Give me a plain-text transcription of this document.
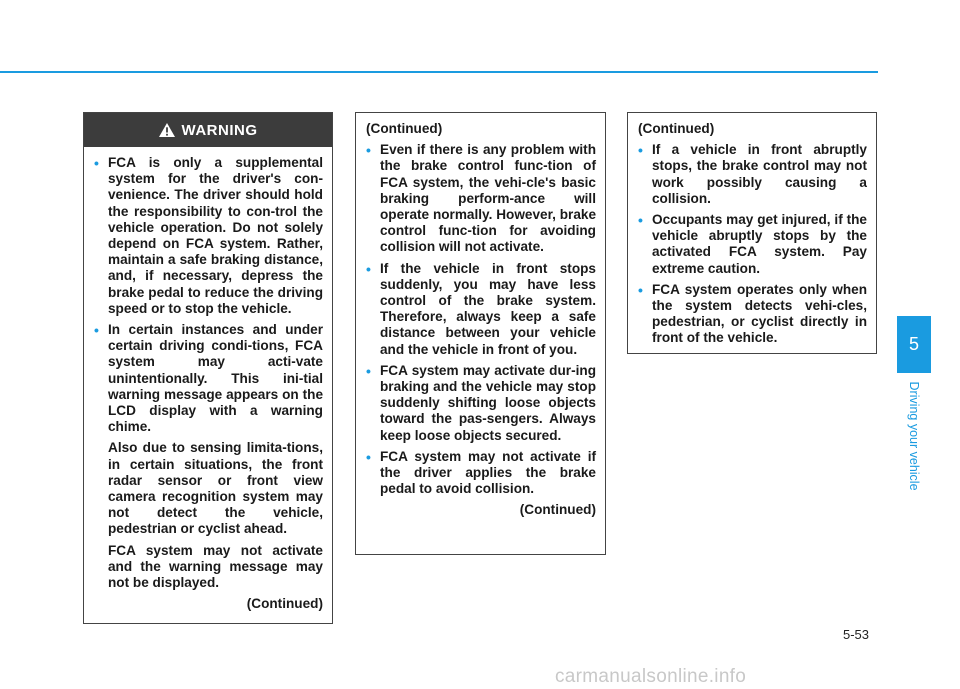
WARNING
• FCA is only a supplemental system for the driver's con-venience. The driver should hold the responsibility to con-trol the vehicle operation. Do not solely depend on FCA system. Rather, maintain a safe braking distance, and, if necessary, depress the brake pedal to reduce the driving speed or to stop the vehicle.
• In certain instances and under certain driving condi-tions, FCA system may acti-vate unintentionally. This ini-tial warning message appears on the LCD display with a warning chime.

Also due to sensing limita-tions, in certain situations, the front radar sensor or front view camera recognition system may not detect the vehicle, pedestrian or cyclist ahead.

FCA system may not activate and the warning message may not be displayed.

(Continued)
(Continued)
• Even if there is any problem with the brake control func-tion of FCA system, the vehi-cle's basic braking perform-ance will operate normally. However, brake control func-tion for avoiding collision will not activate.
• If the vehicle in front stops suddenly, you may have less control of the brake system. Therefore, always keep a safe distance between your vehicle and the vehicle in front of you.
• FCA system may activate dur-ing braking and the vehicle may stop suddenly shifting loose objects toward the pas-sengers. Always keep loose objects secured.
• FCA system may not activate if the driver applies the brake pedal to avoid collision.
(Continued)
(Continued)
• If a vehicle in front abruptly stops, the brake control may not work possibly causing a collision.
• Occupants may get injured, if the vehicle abruptly stops by the activated FCA system. Pay extreme caution.
• FCA system operates only when the system detects vehi-cles, pedestrian, or cyclist directly in front of the vehicle.	5
Driving your vehicle
5-53
carmanualsonline.info
